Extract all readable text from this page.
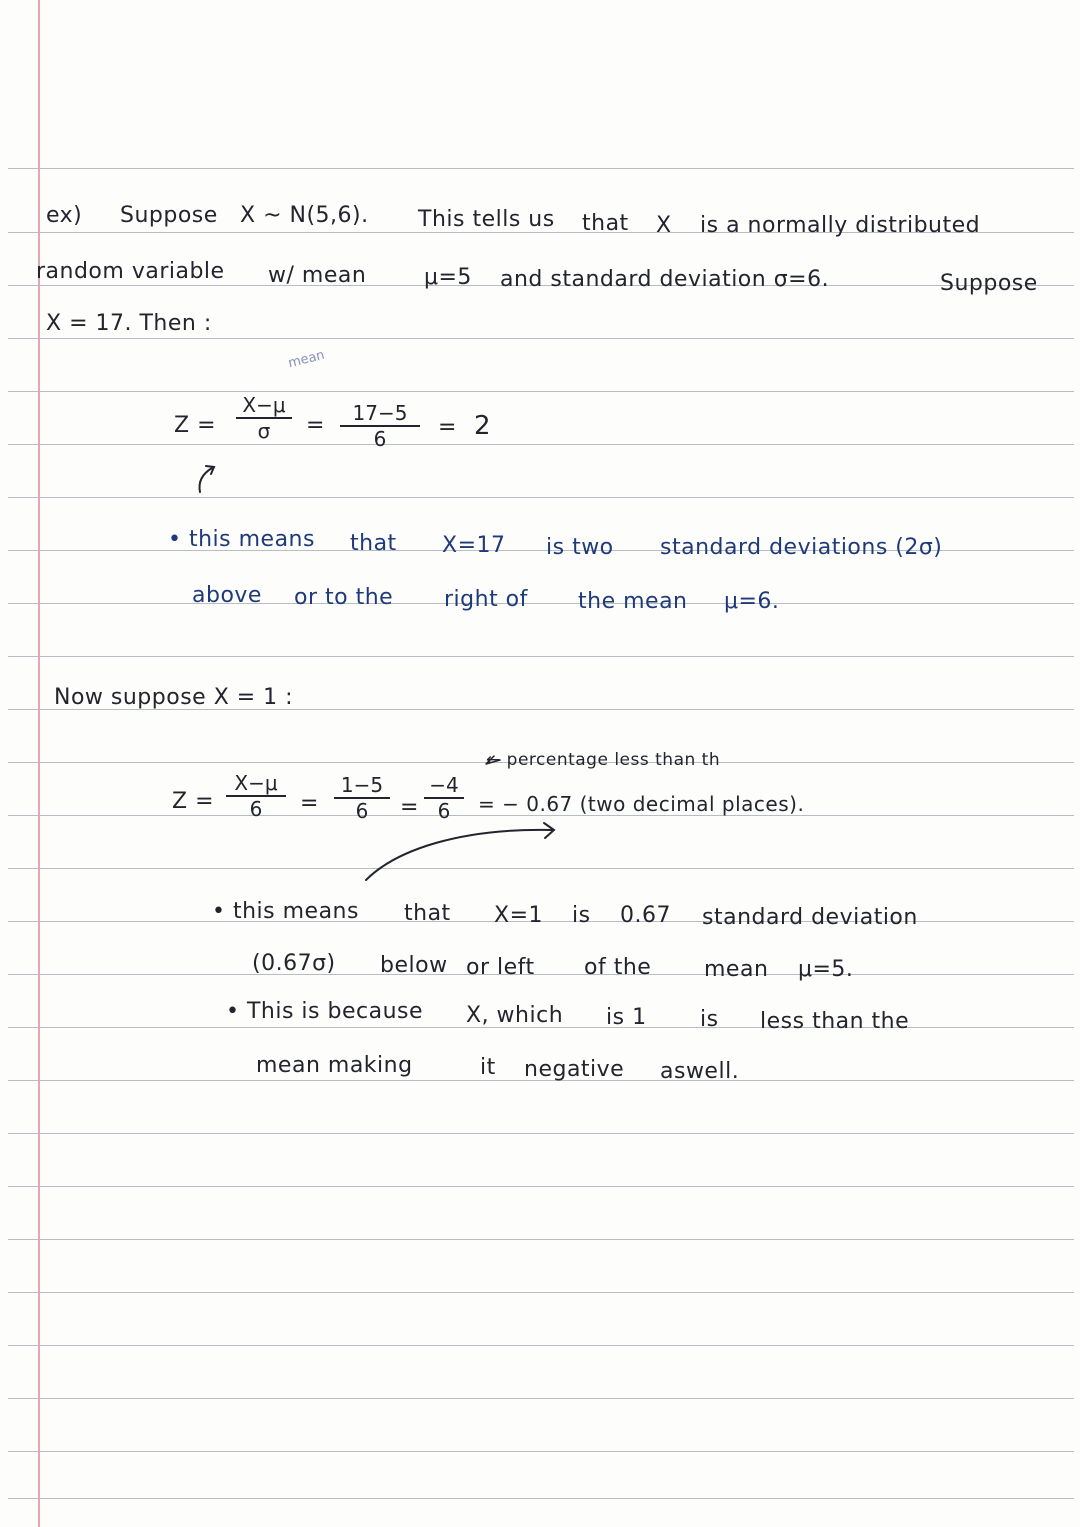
ex) Suppose X ~ N(5,6). This tells us that X is a normally distributed
random variable w/ mean	μ=5 and standard deviation σ=6.	Suppose
X = 17. Then :
mean
Z =
X−μ
σ	=	17−5
6	= 2
• this means that X=17 is two standard deviations (2σ)
above or to the right of the mean μ=6.
Now suppose X = 1 :
← percentage less than th
Z =
X−μ
6	=
1−5
6	=
−4
6	= − 0.67 (two decimal places).
• this means that X=1 is 0.67 standard deviation
(0.67σ) below or left of the mean μ=5.
• This is because X, which is 1 is less than the
mean making	it negative aswell.
